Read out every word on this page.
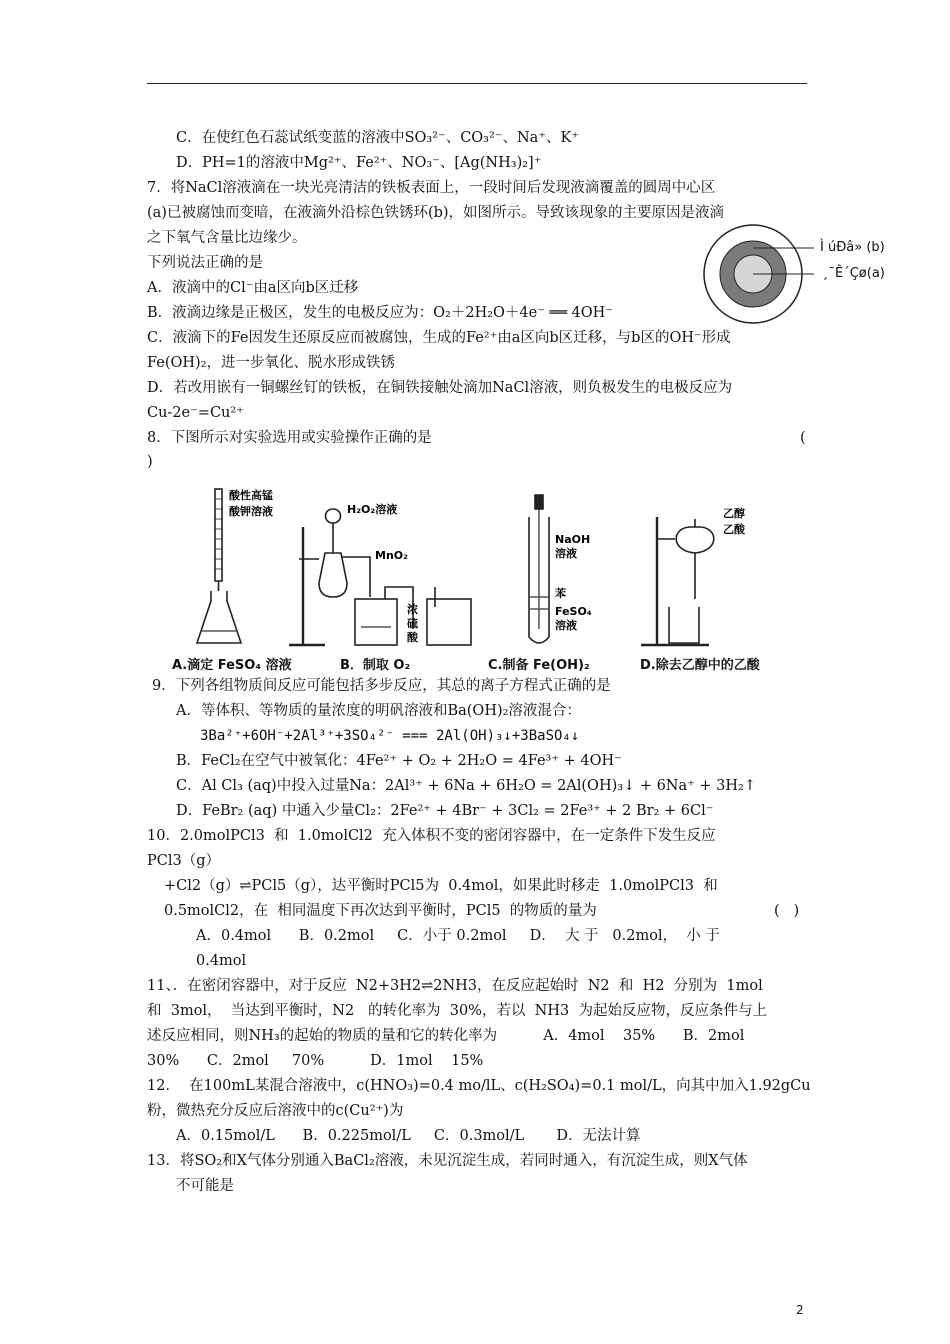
C．在使红色石蕊试纸变蓝的溶液中SO₃²⁻、CO₃²⁻、Na⁺、K⁺
D．PH=1的溶液中Mg²⁺、Fe²⁺、NO₃⁻、[Ag(NH₃)₂]⁺
7．将NaCl溶液滴在一块光亮清洁的铁板表面上，一段时间后发现液滴覆盖的圆周中心区
(a)已被腐蚀而变暗，在液滴外沿棕色铁锈环(b)，如图所示。导致该现象的主要原因是液滴
之下氧气含量比边缘少。
下列说法正确的是
A．液滴中的Cl⁻由a区向b区迁移
B．液滴边缘是正极区，发生的电极反应为：O₂＋2H₂O＋4e⁻ ══ 4OH⁻
C．液滴下的Fe因发生还原反应而被腐蚀，生成的Fe²⁺由a区向b区迁移，与b区的OH⁻形成
Fe(OH)₂，进一步氧化、脱水形成铁锈
D．若改用嵌有一铜螺丝钉的铁板，在铜铁接触处滴加NaCl溶液，则负极发生的电极反应为
Cu-2e⁻=Cu²⁺
Ì úÐâ» (b)
¸¯Ê´Çø(a)
8．下图所示对实验选用或实验操作正确的是	(
)
酸性高锰
酸钾溶液	H₂O₂溶液
MnO₂
浓
硫
酸
NaOH
溶液
苯
FeSO₄
溶液
乙醇
乙酸
A.滴定 FeSO₄ 溶液	B．制取 O₂	C.制备 Fe(OH)₂	D.除去乙醇中的乙酸
9．下列各组物质间反应可能包括多步反应，其总的离子方程式正确的是
A．等体积、等物质的量浓度的明矾溶液和Ba(OH)₂溶液混合：
3Ba²⁺+6OH⁻+2Al³⁺+3SO₄²⁻ === 2Al(OH)₃↓+3BaSO₄↓
B．FeCl₂在空气中被氧化：4Fe²⁺ + O₂ + 2H₂O = 4Fe³⁺ + 4OH⁻
C．Al Cl₃ (aq)中投入过量Na：2Al³⁺ + 6Na + 6H₂O = 2Al(OH)₃↓ + 6Na⁺ + 3H₂↑
D．FeBr₂ (aq) 中通入少量Cl₂：2Fe²⁺ + 4Br⁻ + 3Cl₂ = 2Fe³⁺ + 2 Br₂ + 6Cl⁻
10．2.0molPCl3  和  1.0molCl2  充入体积不变的密闭容器中，在一定条件下发生反应
PCl3（g）
+Cl2（g）⇌PCl5（g），达平衡时PCl5为  0.4mol，如果此时移走  1.0molPCl3  和
0.5molCl2，在  相同温度下再次达到平衡时，PCl5  的物质的量为	(   )
A．0.4mol      B．0.2mol     C．小于 0.2mol     D．  大 于   0.2mol，  小 于
0.4mol
11、．在密闭容器中，对于反应  N2+3H2⇌2NH3，在反应起始时  N2  和  H2  分别为  1mol
和  3mol，  当达到平衡时，N2   的转化率为  30%，若以  NH3  为起始反应物，反应条件与上
述反应相同，则NH₃的起始的物质的量和它的转化率为          A．4mol    35%      B．2mol
30%      C．2mol     70%          D．1mol    15%
12．  在100mL某混合溶液中，c(HNO₃)=0.4 mo/lL、c(H₂SO₄)=0.1 mol/L，向其中加入1.92gCu
粉，微热充分反应后溶液中的c(Cu²⁺)为
A．0.15mol/L      B．0.225mol/L     C．0.3mol/L       D．无法计算
13．将SO₂和X气体分别通入BaCl₂溶液，未见沉淀生成，若同时通入，有沉淀生成，则X气体
不可能是
2
